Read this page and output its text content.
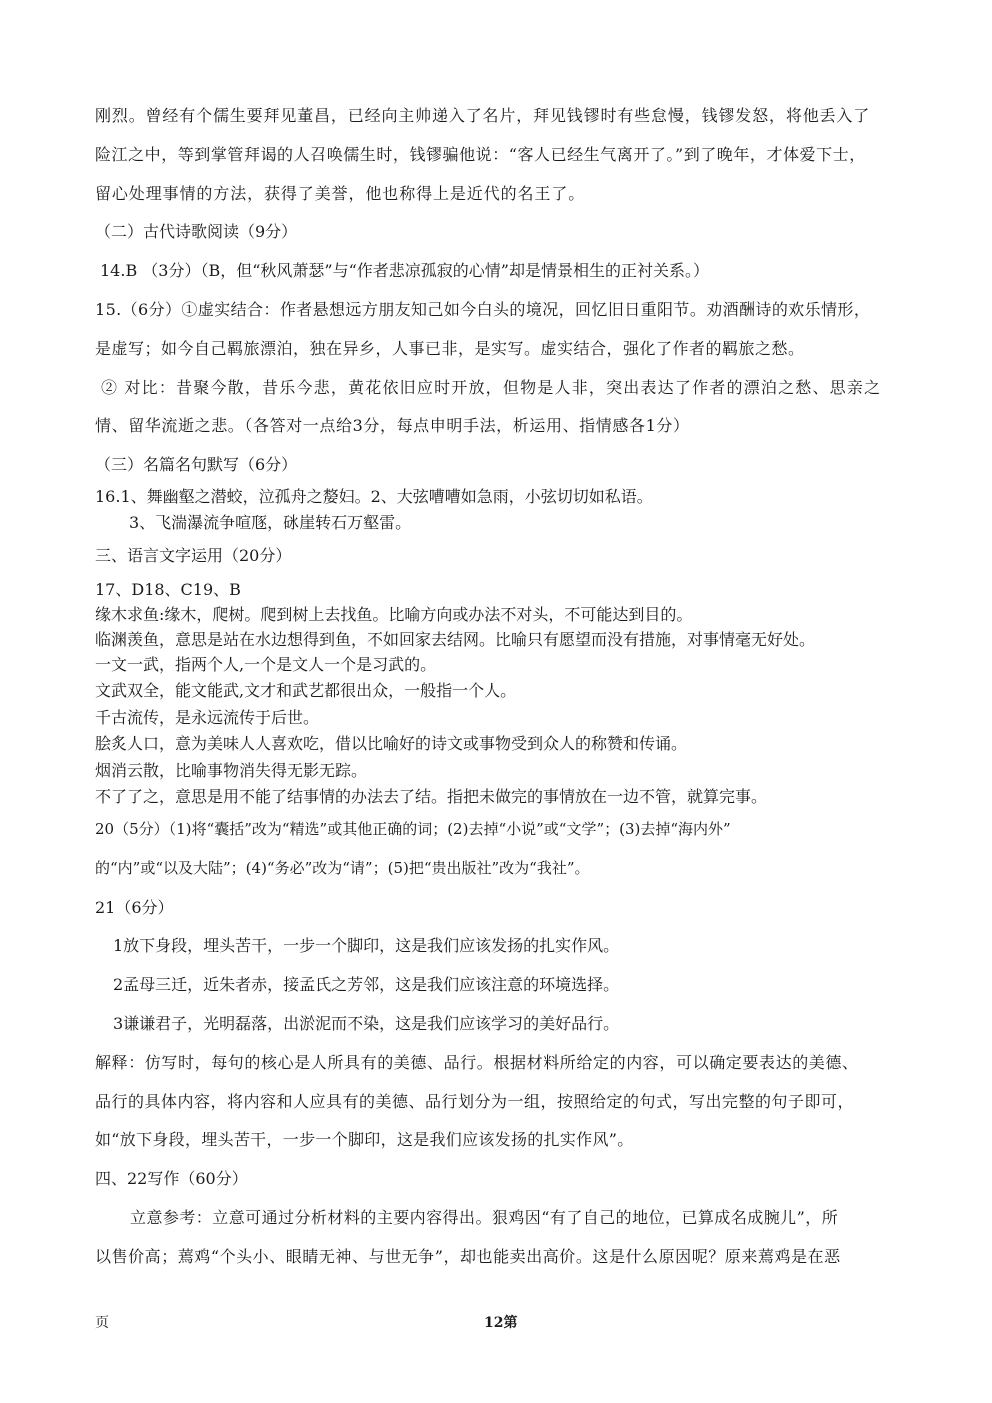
刚烈。曾经有个儒生要拜见董昌，已经向主帅递入了名片，拜见钱镠时有些怠慢，钱镠发怒，将他丢入了
险江之中，等到掌管拜谒的人召唤儒生时，钱镠骗他说：“客人已经生气离开了。”到了晚年，才体爱下士，
留心处理事情的方法，获得了美誉，他也称得上是近代的名王了。
（二）古代诗歌阅读（9分）
14.B （3分）（B，但“秋风萧瑟”与“作者悲凉孤寂的心情”却是情景相生的正衬关系。）
15.（6分）①虚实结合：作者悬想远方朋友知己如今白头的境况，回忆旧日重阳节。劝酒酬诗的欢乐情形，
是虚写；如今自己羁旅漂泊，独在异乡，人事已非，是实写。虚实结合，强化了作者的羁旅之愁。
② 对比：昔聚今散，昔乐今悲，黄花依旧应时开放，但物是人非，突出表达了作者的漂泊之愁、思亲之
情、留华流逝之悲。（各答对一点给3分，每点申明手法，析运用、指情感各1分）
（三）名篇名句默写（6分）
16.1、舞幽壑之潜蛟，泣孤舟之嫠妇。2、大弦嘈嘈如急雨，小弦切切如私语。
3、飞湍瀑流争喧豗，砯崖转石万壑雷。
三、语言文字运用（20分）
17、D18、C19、B
缘木求鱼:缘木，爬树。爬到树上去找鱼。比喻方向或办法不对头，不可能达到目的。
临渊羡鱼，意思是站在水边想得到鱼，不如回家去结网。比喻只有愿望而没有措施，对事情毫无好处。
一文一武，指两个人,一个是文人一个是习武的。
文武双全，能文能武,文才和武艺都很出众，一般指一个人。
千古流传，是永远流传于后世。
脍炙人口，意为美味人人喜欢吃，借以比喻好的诗文或事物受到众人的称赞和传诵。
烟消云散，比喻事物消失得无影无踪。
不了了之，意思是用不能了结事情的办法去了结。指把未做完的事情放在一边不管，就算完事。
20（5分）（1)将“囊括”改为“精选”或其他正确的词；(2)去掉“小说”或“文学”；(3)去掉“海内外”
的“内”或“以及大陆”；(4)“务必”改为“请”；(5)把“贵出版社”改为“我社”。
21（6分）
1放下身段，埋头苦干，一步一个脚印，这是我们应该发扬的扎实作风。
2孟母三迁，近朱者赤，接孟氏之芳邻，这是我们应该注意的环境选择。
3谦谦君子，光明磊落，出淤泥而不染，这是我们应该学习的美好品行。
解释：仿写时，每句的核心是人所具有的美德、品行。根据材料所给定的内容，可以确定要表达的美德、
品行的具体内容，将内容和人应具有的美德、品行划分为一组，按照给定的句式，写出完整的句子即可，
如“放下身段，埋头苦干，一步一个脚印，这是我们应该发扬的扎实作风”。
四、22写作（60分）
立意参考：立意可通过分析材料的主要内容得出。狠鸡因“有了自己的地位，已算成名成腕儿”，所
以售价高；蔫鸡“个头小、眼睛无神、与世无争”，却也能卖出高价。这是什么原因呢？原来蔫鸡是在恶
页	12第
